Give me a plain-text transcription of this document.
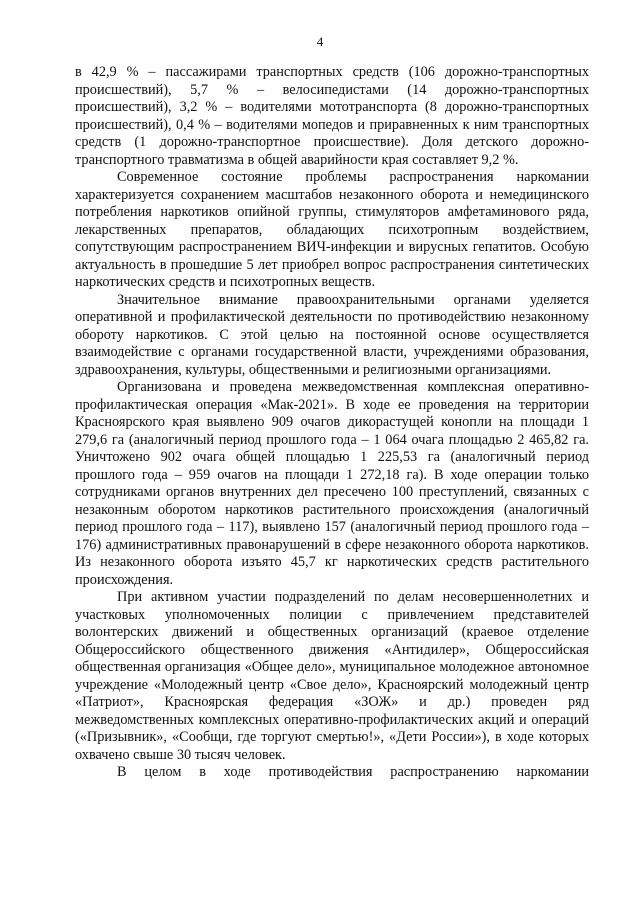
4

в 42,9 % – пассажирами транспортных средств (106 дорожно-транспортных происшествий), 5,7 % – велосипедистами (14 дорожно-транспортных происшествий), 3,2 % – водителями мототранспорта (8 дорожно-транспортных происшествий), 0,4 % – водителями мопедов и приравненных к ним транспортных средств (1 дорожно-транспортное происшествие). Доля детского дорожно-транспортного травматизма в общей аварийности края составляет 9,2 %.

Современное состояние проблемы распространения наркомании характеризуется сохранением масштабов незаконного оборота и немедицинского потребления наркотиков опийной группы, стимуляторов амфетаминового ряда, лекарственных препаратов, обладающих психотропным воздействием, сопутствующим распространением ВИЧ-инфекции и вирусных гепатитов. Особую актуальность в прошедшие 5 лет приобрел вопрос распространения синтетических наркотических средств и психотропных веществ.

Значительное внимание правоохранительными органами уделяется оперативной и профилактической деятельности по противодействию незаконному обороту наркотиков. С этой целью на постоянной основе осуществляется взаимодействие с органами государственной власти, учреждениями образования, здравоохранения, культуры, общественными и религиозными организациями.

Организована и проведена межведомственная комплексная оперативно-профилактическая операция «Мак-2021». В ходе ее проведения на территории Красноярского края выявлено 909 очагов дикорастущей конопли на площади 1 279,6 га (аналогичный период прошлого года – 1 064 очага площадью 2 465,82 га. Уничтожено 902 очага общей площадью 1 225,53 га (аналогичный период прошлого года – 959 очагов на площади 1 272,18 га). В ходе операции только сотрудниками органов внутренних дел пресечено 100 преступлений, связанных с незаконным оборотом наркотиков растительного происхождения (аналогичный период прошлого года – 117), выявлено 157 (аналогичный период прошлого года – 176) административных правонарушений в сфере незаконного оборота наркотиков. Из незаконного оборота изъято 45,7 кг наркотических средств растительного происхождения.

При активном участии подразделений по делам несовершеннолетних и участковых уполномоченных полиции с привлечением представителей волонтерских движений и общественных организаций (краевое отделение Общероссийского общественного движения «Антидилер», Общероссийская общественная организация «Общее дело», муниципальное молодежное автономное учреждение «Молодежный центр «Свое дело», Красноярский молодежный центр «Патриот», Красноярская федерация «ЗОЖ» и др.) проведен ряд межведомственных комплексных оперативно-профилактических акций и операций («Призывник», «Сообщи, где торгуют смертью!», «Дети России»), в ходе которых охвачено свыше 30 тысяч человек.

В целом в ходе противодействия распространению наркомании
